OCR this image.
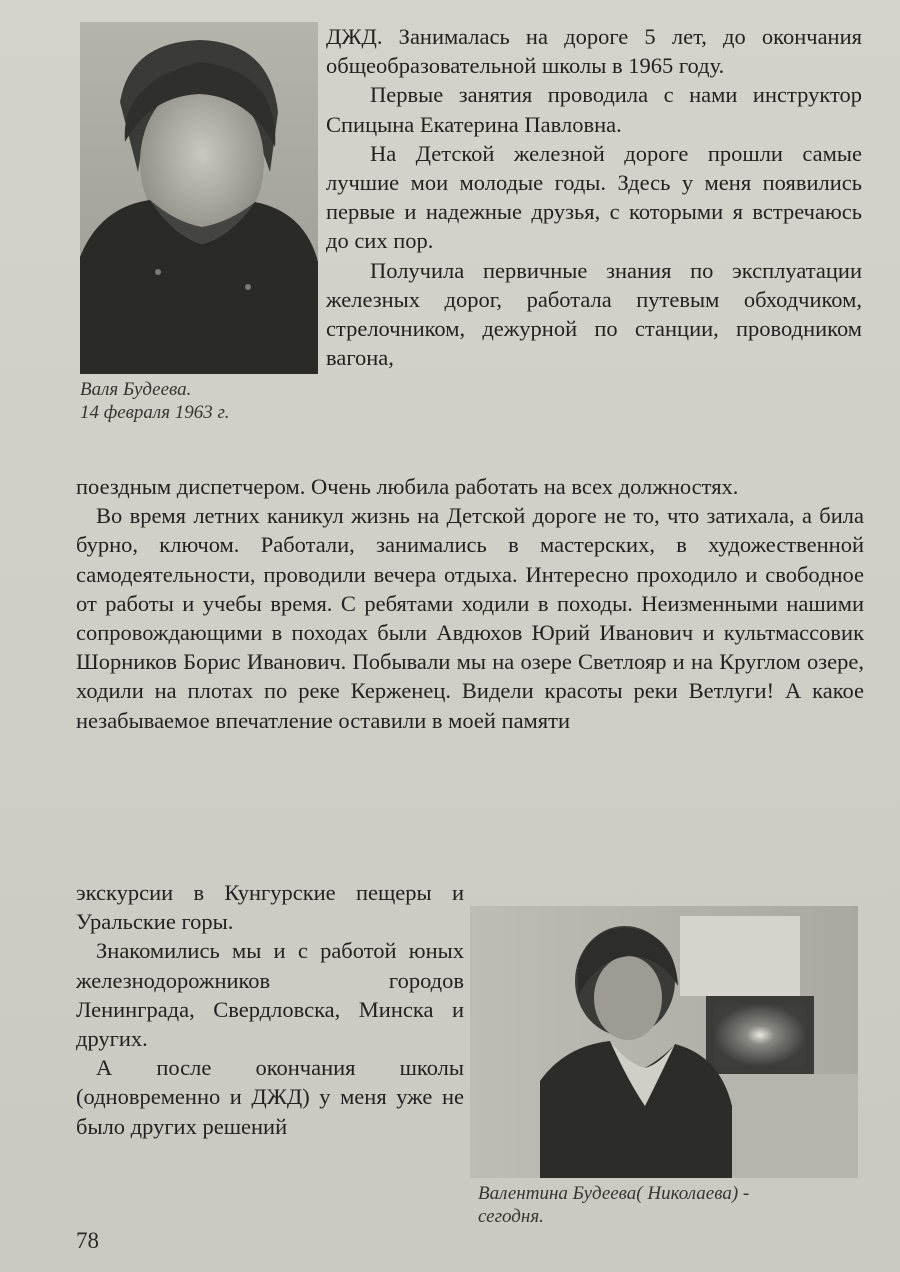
Валя Будеева.
14 февраля 1963 г.

ДЖД. Занималась на дороге 5 лет, до окончания общеобразовательной школы в 1965 году.

Первые занятия проводила с нами инструктор Спицына Екатерина Павловна.

На Детской железной дороге прошли самые лучшие мои молодые годы. Здесь у меня появились первые и надежные друзья, с которыми я встречаюсь до сих пор.

Получила первичные знания по эксплуатации железных дорог, работала путевым обходчиком, стрелочником, дежурной по станции, проводником вагона,

поездным диспетчером. Очень любила работать на всех должностях.

Во время летних каникул жизнь на Детской дороге не то, что затихала, а била бурно, ключом. Работали, занимались в мастерских, в художественной самодеятельности, проводили вечера отдыха. Интересно проходило и свободное от работы и учебы время. С ребятами ходили в походы. Неизменными нашими сопровождающими в походах были Авдюхов Юрий Иванович и культмассовик Шорников Борис Иванович. Побывали мы на озере Светлояр и на Круглом озере, ходили на плотах по реке Керженец. Видели красоты реки Ветлуги! А какое незабываемое впечатление оставили в моей памяти

экскурсии в Кунгурские пещеры и Уральские горы.

Знакомились мы и с работой юных железнодорожников городов Ленинграда, Свердловска, Минска и других.

А после окончания школы (одновременно и ДЖД) у меня уже не было других решений

Валентина Будеева( Николаева) -
сегодня.
78
